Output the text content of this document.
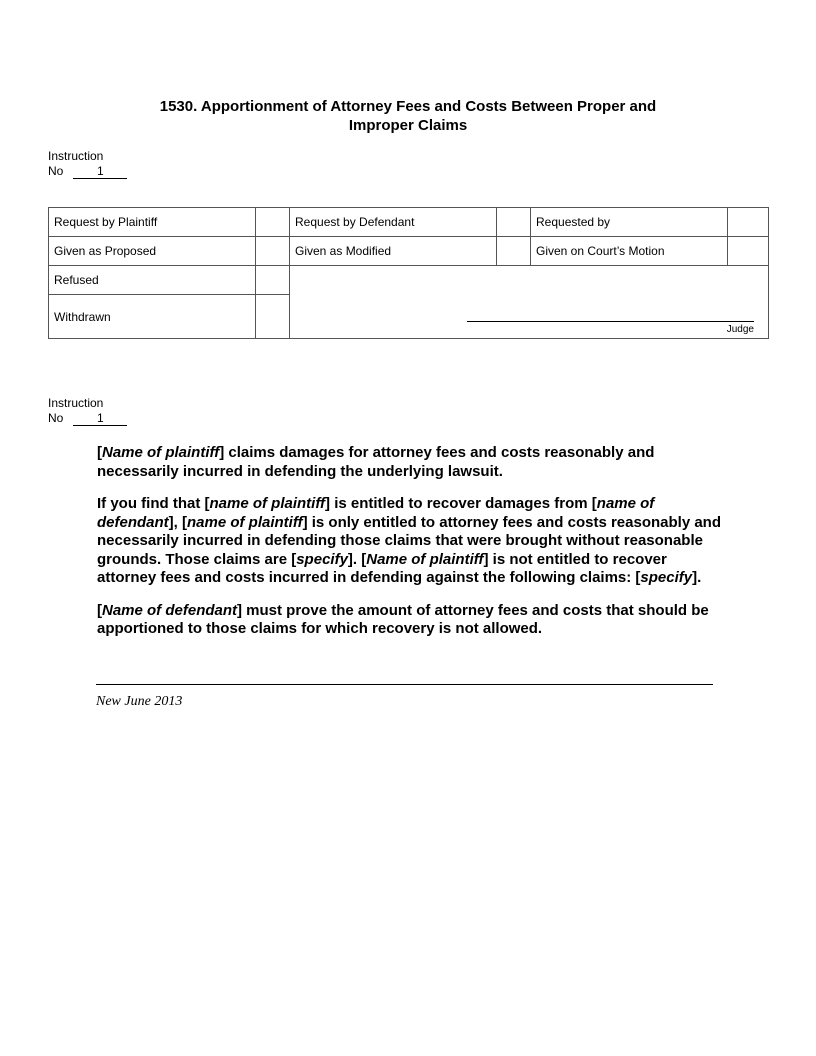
1530. Apportionment of Attorney Fees and Costs Between Proper and
Improper Claims
Instruction
No	1
Request by Plaintiff		Request by Defendant		Requested by	
Given as Proposed		Given as Modified		Given on Court’s Motion	
Refused		Judge			

Withdrawn					
Instruction
No	1

[Name of plaintiff] claims damages for attorney fees and costs reasonably and necessarily incurred in defending the underlying lawsuit.

If you find that [name of plaintiff] is entitled to recover damages from [name of defendant], [name of plaintiff] is only entitled to attorney fees and costs reasonably and necessarily incurred in defending those claims that were brought without reasonable grounds. Those claims are [specify]. [Name of plaintiff] is not entitled to recover attorney fees and costs incurred in defending against the following claims: [specify].

[Name of defendant] must prove the amount of attorney fees and costs that should be apportioned to those claims for which recovery is not allowed.

New June 2013
